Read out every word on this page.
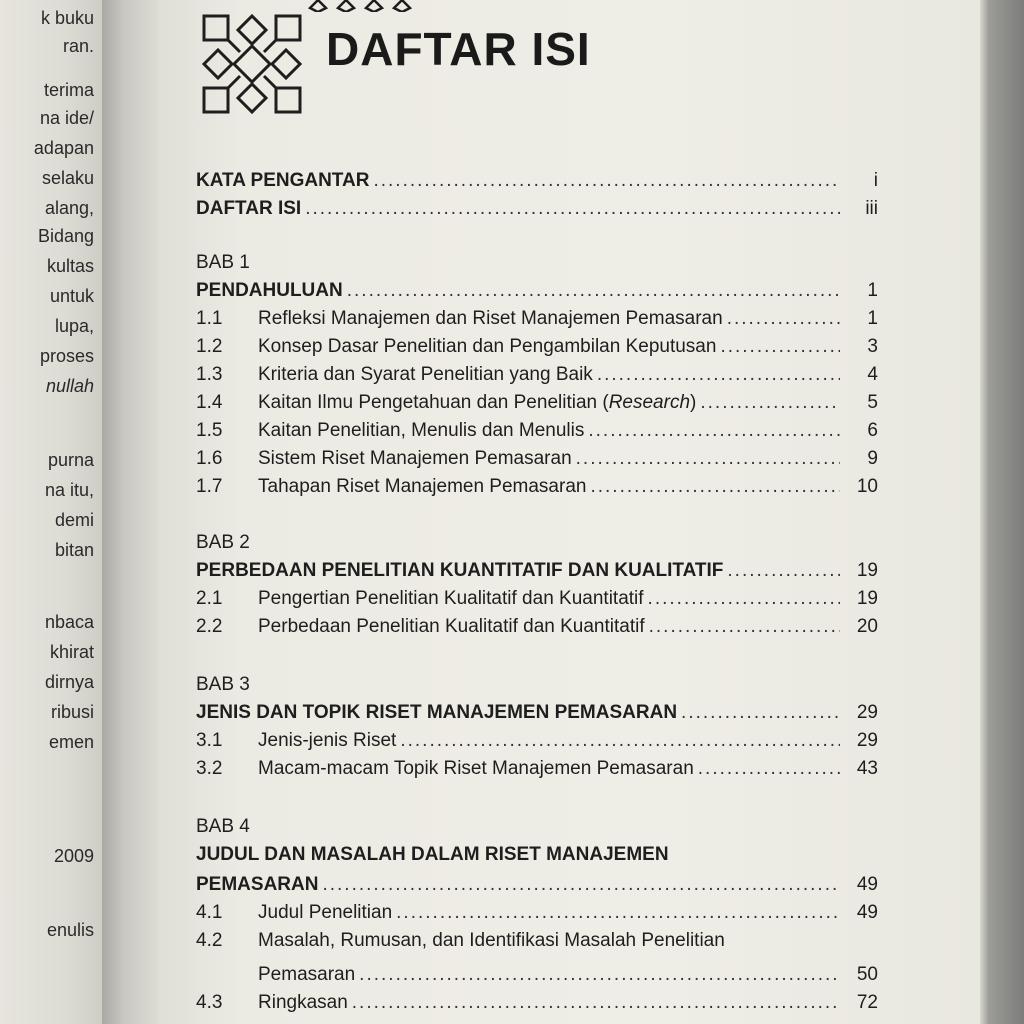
k buku
ran.
terima
na ide/
adapan
selaku
alang,
Bidang
kultas
untuk
lupa,
proses
nullah
purna
na itu,
demi
bitan
nbaca
khirat
dirnya
ribusi
emen
2009
enulis
DAFTAR ISI
KATA PENGANTAR .....	i
DAFTAR ISI .....	iii
BAB 1
PENDAHULUAN .....	1
1.1	Refleksi Manajemen dan Riset Manajemen Pemasaran .....	1
1.2	Konsep Dasar Penelitian dan Pengambilan Keputusan .....	3
1.3	Kriteria dan Syarat Penelitian yang Baik .....	4
1.4	Kaitan Ilmu Pengetahuan dan Penelitian (Research) .....	5
1.5	Kaitan Penelitian, Menulis dan Menulis .....	6
1.6	Sistem Riset Manajemen Pemasaran .....	9
1.7	Tahapan Riset Manajemen Pemasaran .....	10
BAB 2
PERBEDAAN PENELITIAN KUANTITATIF DAN KUALITATIF .....	19
2.1	Pengertian Penelitian Kualitatif dan Kuantitatif .....	19
2.2	Perbedaan Penelitian Kualitatif dan Kuantitatif .....	20
BAB 3
JENIS DAN TOPIK RISET MANAJEMEN PEMASARAN .....	29
3.1	Jenis-jenis Riset .....	29
3.2	Macam-macam Topik Riset Manajemen Pemasaran .....	43
BAB 4
JUDUL DAN MASALAH DALAM RISET MANAJEMEN
PEMASARAN .....	49
4.1	Judul Penelitian .....	49
4.2 Masalah, Rumusan, dan Identifikasi Masalah Penelitian
Pemasaran .....	50
4.3	Ringkasan .....	72
